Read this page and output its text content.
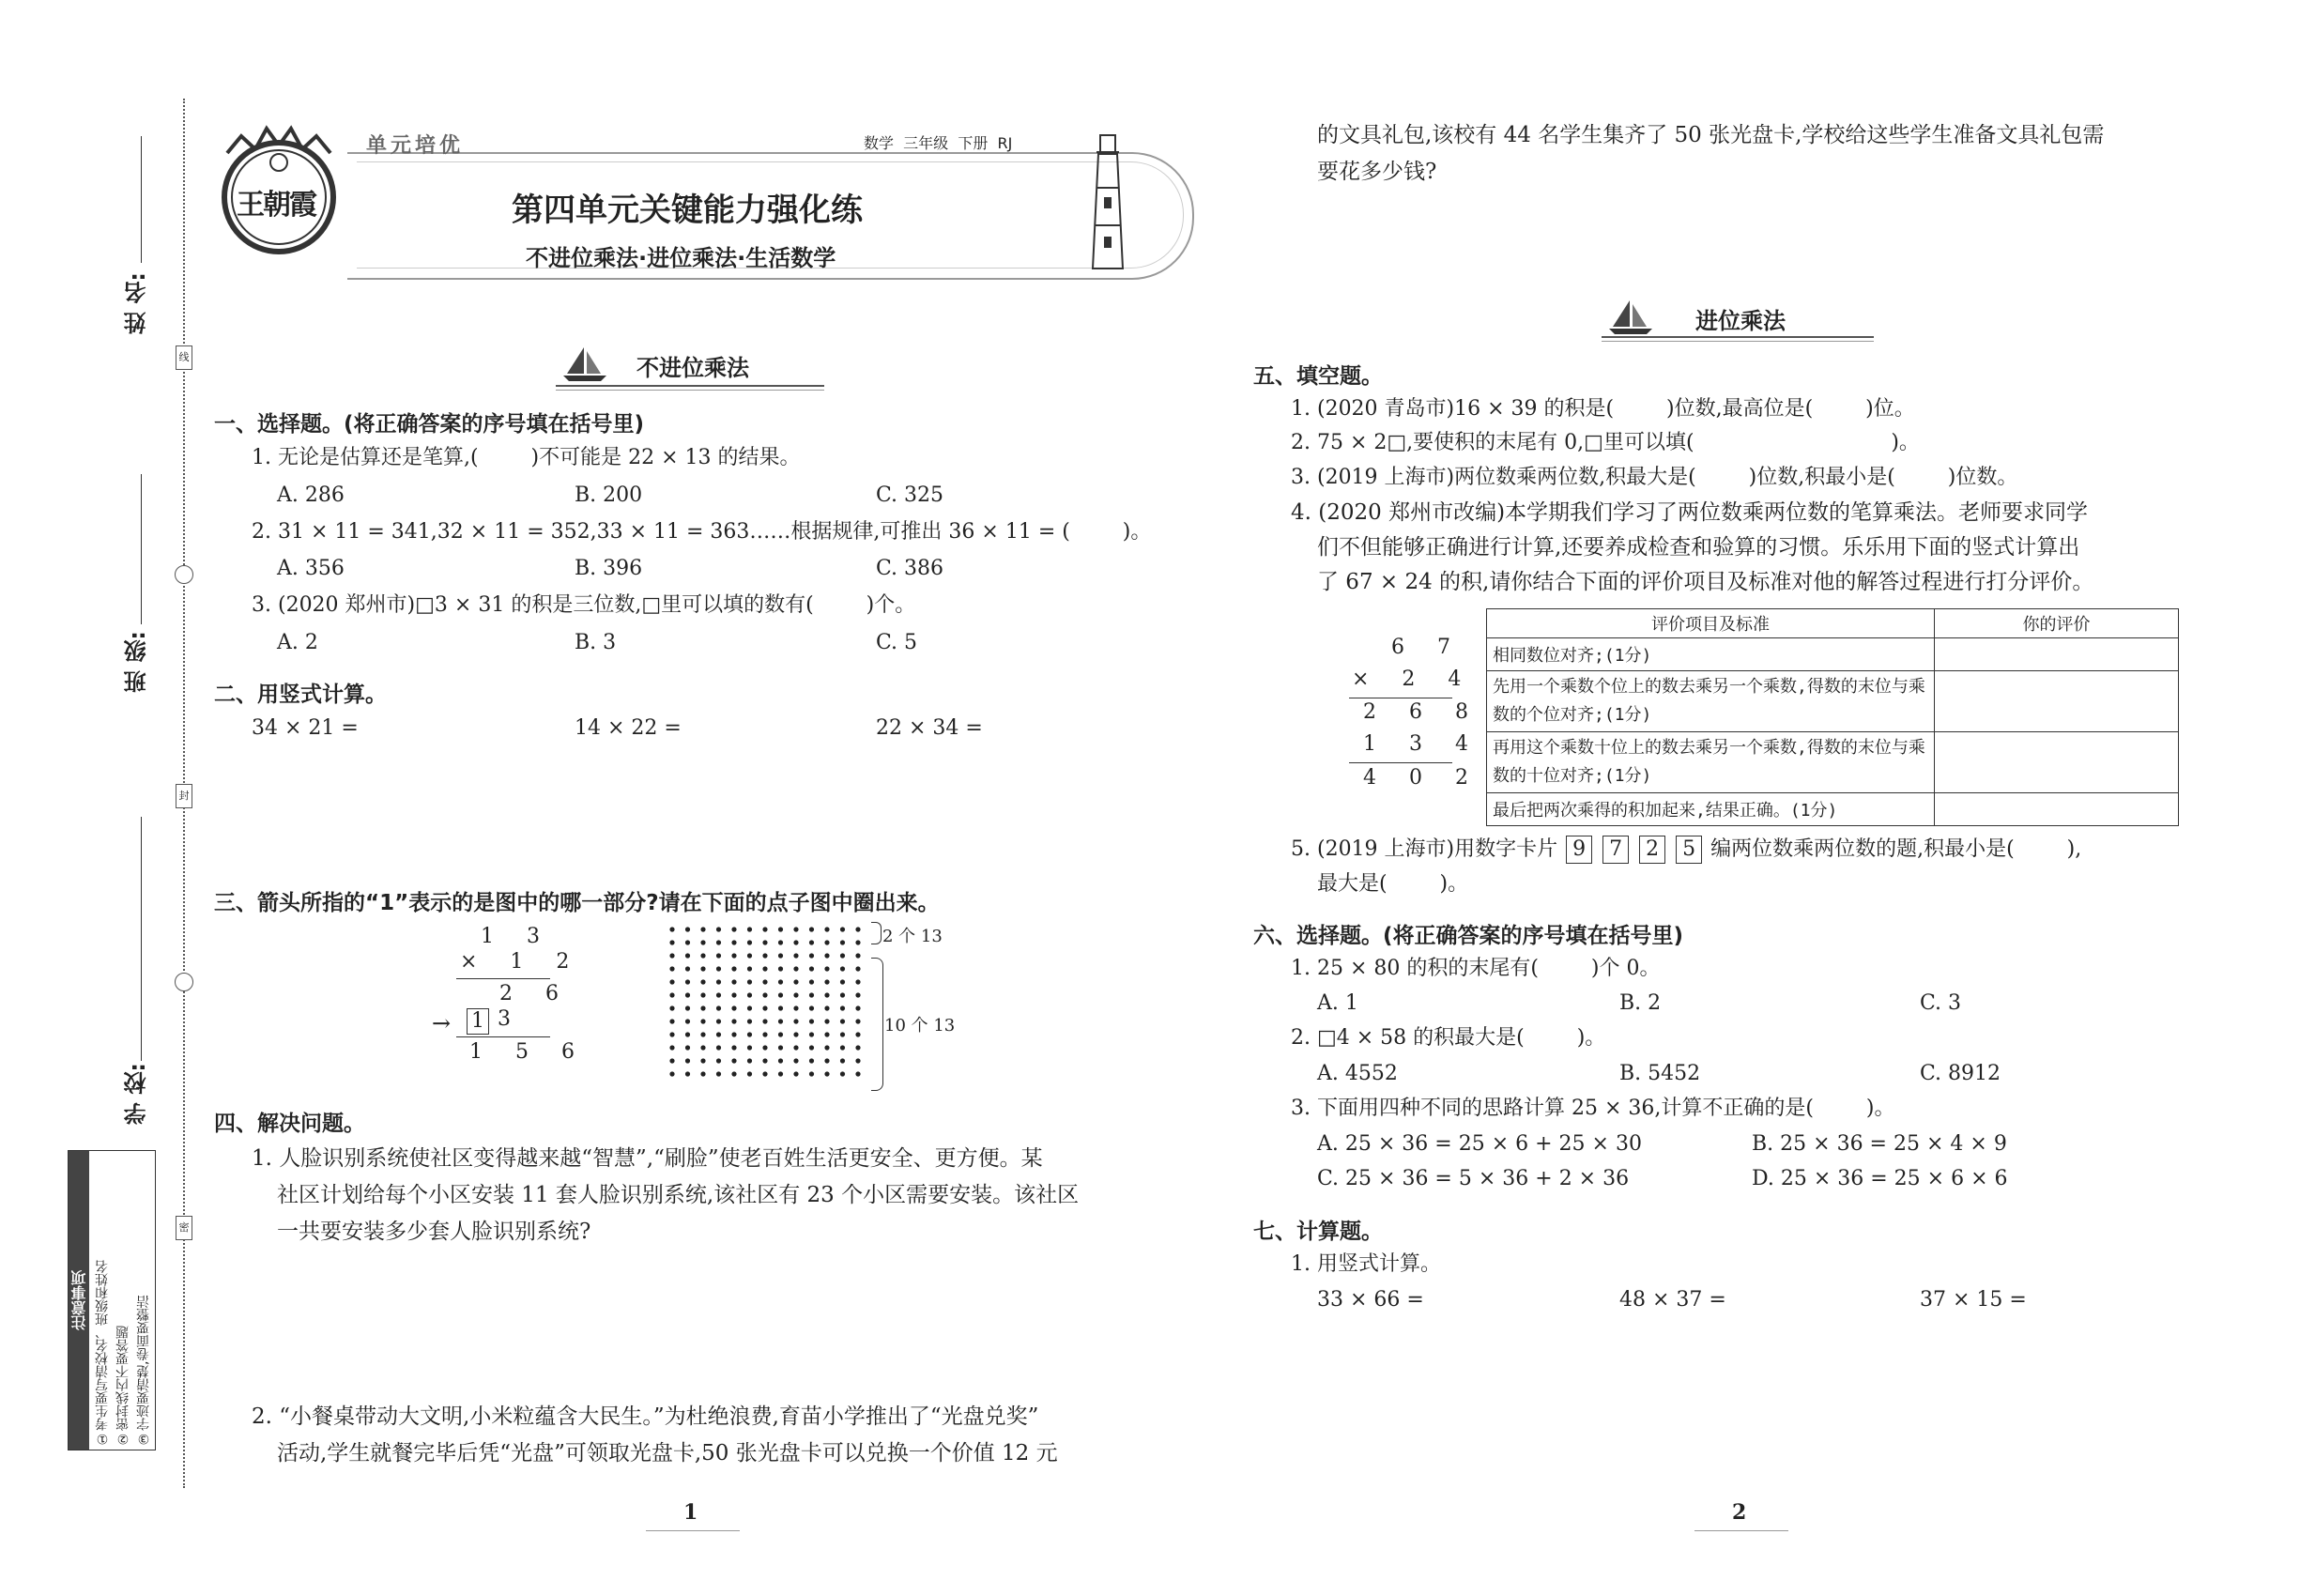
姓 名:
班 级:
学 校:
线
封
密
注意事项 ①考生要写清校名、班级和姓名 ②密封线内不要答题 ③字迹要清楚,卷面要整洁
王朝霞
单元培优	数学  三年级  下册  RJ
第四单元关键能力强化练
不进位乘法·进位乘法·生活数学
不进位乘法
一、选择题。(将正确答案的序号填在括号里)
1. 无论是估算还是笔算,(        )不可能是 22 × 13 的结果。
A. 286	B. 200	C. 325
2. 31 × 11 = 341,32 × 11 = 352,33 × 11 = 363……根据规律,可推出 36 × 11 = (        )。
A. 356	B. 396	C. 386
3. (2020 郑州市)□3 × 31 的积是三位数,□里可以填的数有(        )个。
A. 2	B. 3	C. 5
二、用竖式计算。
34 × 21 =	14 × 22 =	22 × 34 =
三、箭头所指的“1”表示的是图中的哪一部分?请在下面的点子图中圈出来。
1 3
× 1 2
2 6
→ 1 3
1 5 6
2 个 13
10 个 13
四、解决问题。
1. 人脸识别系统使社区变得越来越“智慧”,“刷脸”使老百姓生活更安全、更方便。某
社区计划给每个小区安装 11 套人脸识别系统,该社区有 23 个小区需要安装。该社区
一共要安装多少套人脸识别系统?
2. “小餐桌带动大文明,小米粒蕴含大民生。”为杜绝浪费,育苗小学推出了“光盘兑奖”
活动,学生就餐完毕后凭“光盘”可领取光盘卡,50 张光盘卡可以兑换一个价值 12 元
1
的文具礼包,该校有 44 名学生集齐了 50 张光盘卡,学校给这些学生准备文具礼包需
要花多少钱?
进位乘法
五、填空题。
1. (2020 青岛市)16 × 39 的积是(        )位数,最高位是(        )位。
2. 75 × 2□,要使积的末尾有 0,□里可以填(                              )。
3. (2019 上海市)两位数乘两位数,积最大是(        )位数,积最小是(        )位数。
4. (2020 郑州市改编)本学期我们学习了两位数乘两位数的笔算乘法。老师要求同学
们不但能够正确进行计算,还要养成检查和验算的习惯。乐乐用下面的竖式计算出
了 67 × 24 的积,请你结合下面的评价项目及标准对他的解答过程进行打分评价。
6 7
× 2 4
2 6 8
1 3 4
4 0 2
评价项目及标准	你的评价
相同数位对齐;(1分)	
先用一个乘数个位上的数去乘另一个乘数,得数的末位与乘数的个位对齐;(1分)	
再用这个乘数十位上的数去乘另一个乘数,得数的末位与乘数的十位对齐;(1分)	
最后把两次乘得的积加起来,结果正确。(1分)	
5. (2019 上海市)用数字卡片 9 7 2 5 编两位数乘两位数的题,积最小是(        ),
最大是(        )。
六、选择题。(将正确答案的序号填在括号里)
1. 25 × 80 的积的末尾有(        )个 0。
A. 1	B. 2	C. 3
2. □4 × 58 的积最大是(        )。
A. 4552	B. 5452	C. 8912
3. 下面用四种不同的思路计算 25 × 36,计算不正确的是(        )。
A. 25 × 36 = 25 × 6 + 25 × 30	B. 25 × 36 = 25 × 4 × 9
C. 25 × 36 = 5 × 36 + 2 × 36	D. 25 × 36 = 25 × 6 × 6
七、计算题。
1. 用竖式计算。
33 × 66 =	48 × 37 =	37 × 15 =
2
